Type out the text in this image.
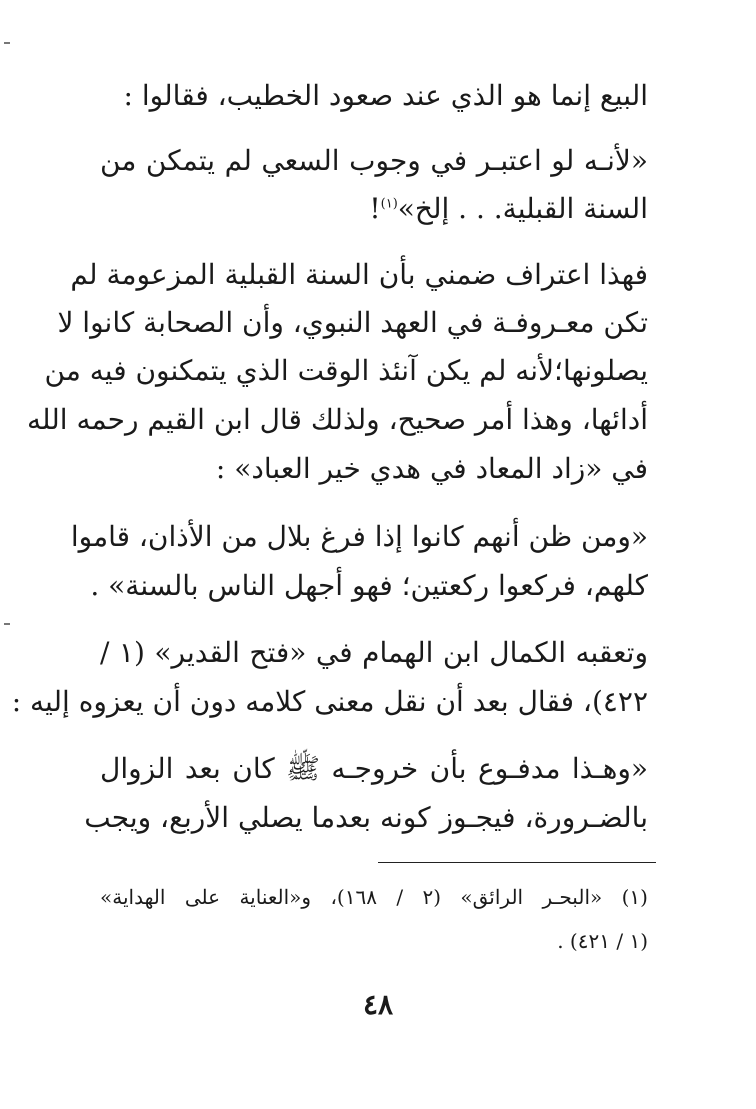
البيع إنما هو الذي عند صعود الخطيب، فقالوا :
«لأنـه لو اعتبـر في وجوب السعي لم يتمكن من
السنة القبلية. . . إلخ»$^{(١)}$!
فهذا اعتراف ضمني بأن السنة القبلية المزعومة لم
تكن معـروفـة في العهد النبوي، وأن الصحابة كانوا لا
يصلونها؛لأنه لم يكن آنئذ الوقت الذي يتمكنون فيه من
أدائها، وهذا أمر صحيح، ولذلك قال ابن القيم رحمه الله
في «زاد المعاد في هدي خير العباد» :
«ومن ظن أنهم كانوا إذا فرغ بلال من الأذان، قاموا
كلهم، فركعوا ركعتين؛ فهو أجهل الناس بالسنة» .
وتعقبه الكمال ابن الهمام في «فتح القدير» (١ /
٤٢٢)، فقال بعد أن نقل معنى كلامه دون أن يعزوه إليه :
«وهـذا مدفـوع بأن خروجـه ﷺ كان بعد الزوال
بالضـرورة، فيجـوز كونه بعدما يصلي الأربع، ويجب
(١) «البحـر الرائق» (٢ / ١٦٨)، و«العناية على الهداية»
(١ / ٤٢١) .
٤٨
